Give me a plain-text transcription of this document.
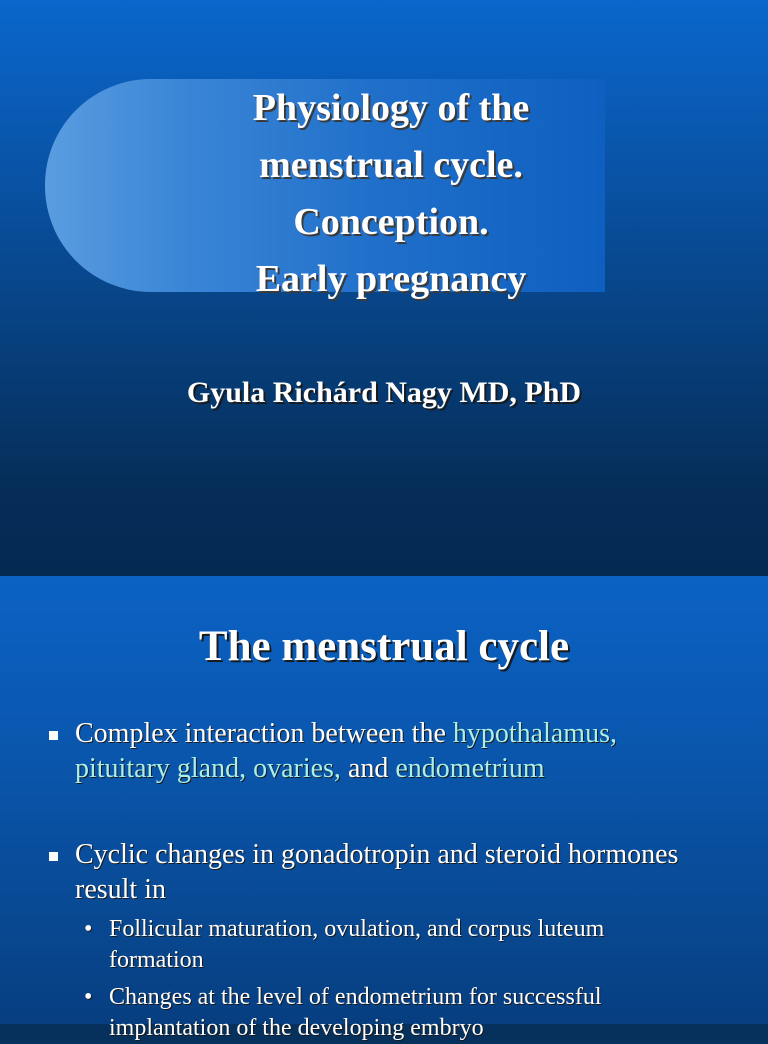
Physiology of the
menstrual cycle.
Conception.
Early pregnancy
Gyula Richárd Nagy MD, PhD
The menstrual cycle
Complex interaction between the hypothalamus,
pituitary gland, ovaries, and endometrium
Cyclic changes in gonadotropin and steroid hormones result in
• Follicular maturation, ovulation, and corpus luteum formation
• Changes at the level of endometrium for successful implantation of the developing embryo
